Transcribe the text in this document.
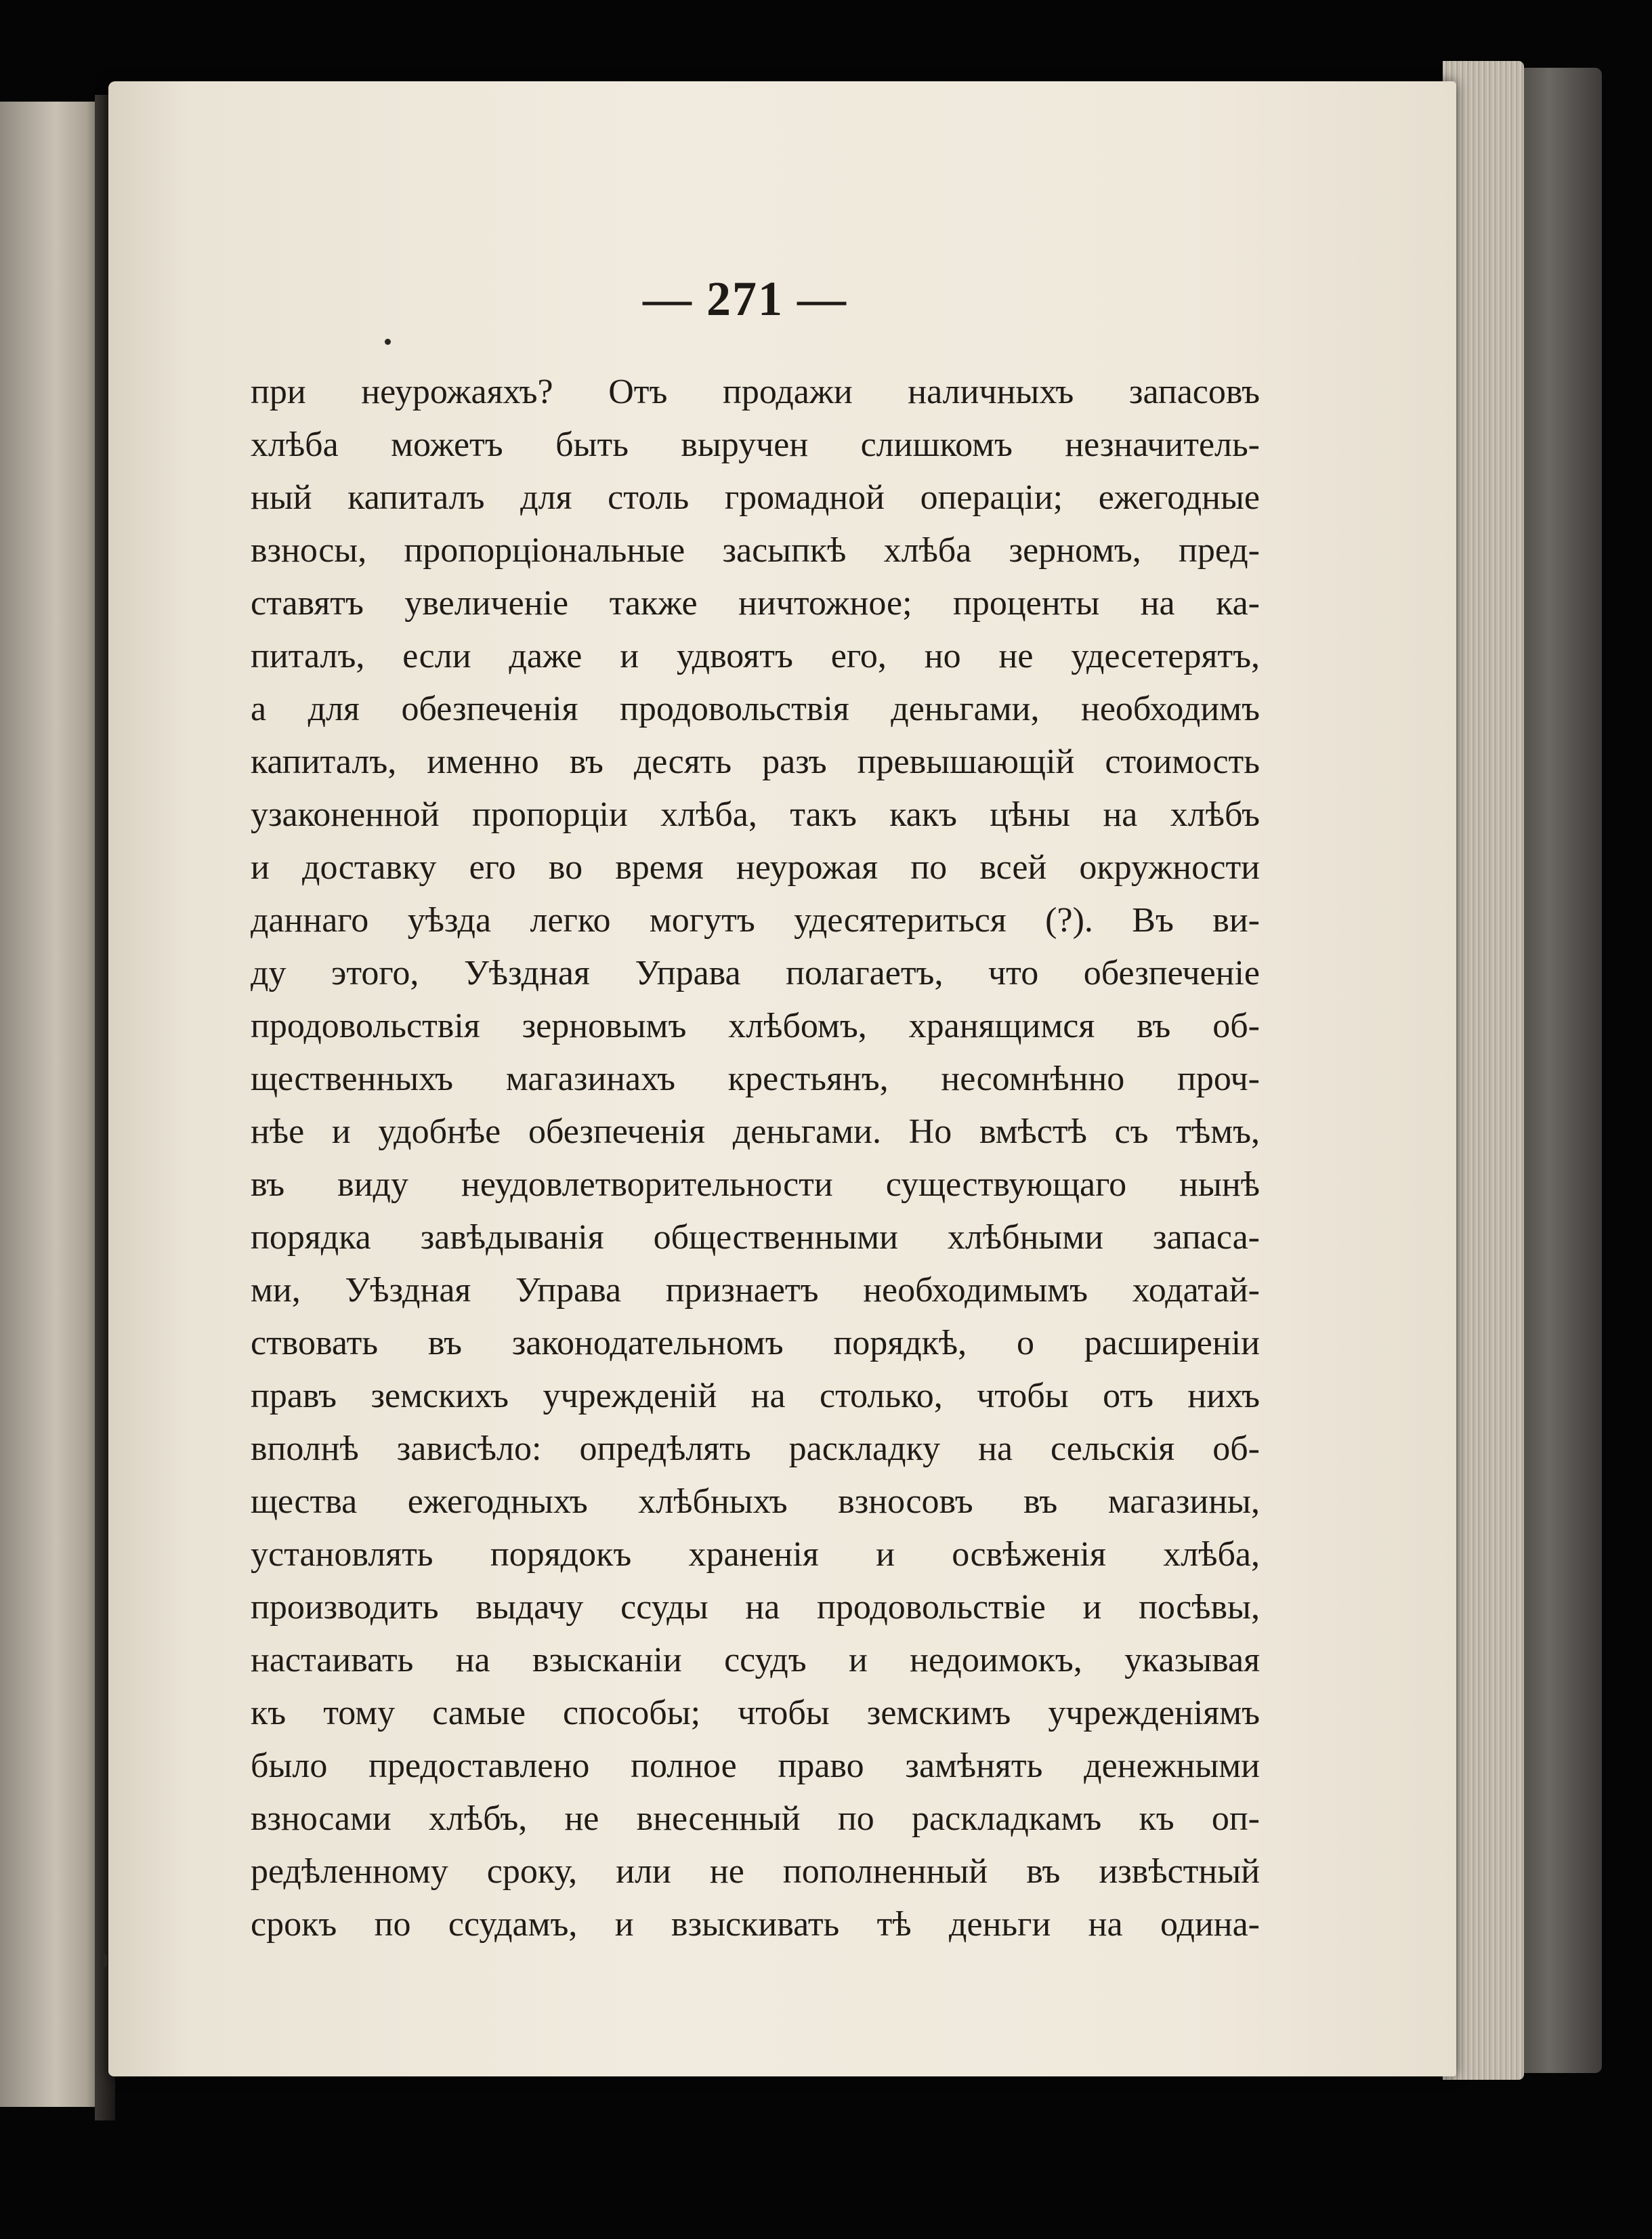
— 271 —
при неурожаяхъ? Отъ продажи наличныхъ запасовъ
хлѣба можетъ быть выручен слишкомъ незначитель-
ный капиталъ для столь громадной операціи; ежегодные
взносы, пропорціональные засыпкѣ хлѣба зерномъ, пред-
ставятъ увеличеніе также ничтожное; проценты на ка-
питалъ, если даже и удвоятъ его, но не удесетерятъ,
а для обезпеченія продовольствія деньгами, необходимъ
капиталъ, именно въ десять разъ превышающій стоимость
узаконенной пропорціи хлѣба, такъ какъ цѣны на хлѣбъ
и доставку его во время неурожая по всей окружности
даннаго уѣзда легко могутъ удесятериться (?). Въ ви-
ду этого, Уѣздная Управа полагаетъ, что обезпеченіе
продовольствія зерновымъ хлѣбомъ, хранящимся въ об-
щественныхъ магазинахъ крестьянъ, несомнѣнно проч-
нѣе и удобнѣе обезпеченія деньгами. Но вмѣстѣ съ тѣмъ,
въ виду неудовлетворительности существующаго нынѣ
порядка завѣдыванія общественными хлѣбными запаса-
ми, Уѣздная Управа признаетъ необходимымъ ходатай-
ствовать въ законодательномъ порядкѣ, о расширеніи
правъ земскихъ учрежденій на столько, чтобы отъ нихъ
вполнѣ зависѣло: опредѣлять раскладку на сельскія об-
щества ежегодныхъ хлѣбныхъ взносовъ въ магазины,
установлять порядокъ храненія и освѣженія хлѣба,
производить выдачу ссуды на продовольствіе и посѣвы,
настаивать на взысканіи ссудъ и недоимокъ, указывая
къ тому самые способы; чтобы земскимъ учрежденіямъ
было предоставлено полное право замѣнять денежными
взносами хлѣбъ, не внесенный по раскладкамъ къ оп-
редѣленному сроку, или не пополненный въ извѣстный
срокъ по ссудамъ, и взыскивать тѣ деньги на одина-
